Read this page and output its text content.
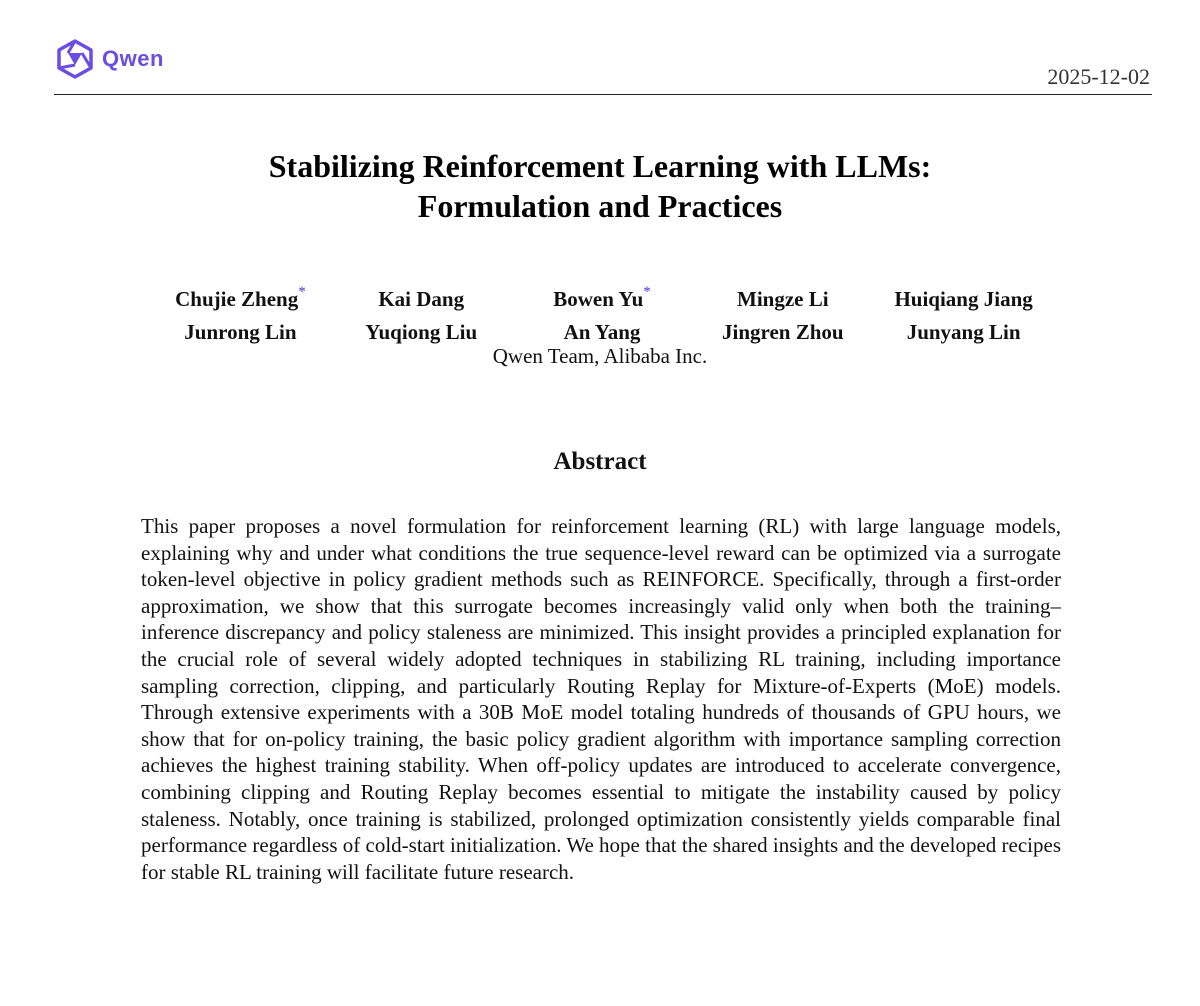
Qwen
2025-12-02
Stabilizing Reinforcement Learning with LLMs:
Formulation and Practices
Chujie Zheng*	Kai Dang	Bowen Yu*	Mingze Li	Huiqiang Jiang
Junrong Lin	Yuqiong Liu	An Yang	Jingren Zhou	Junyang Lin
Qwen Team, Alibaba Inc.
Abstract
This paper proposes a novel formulation for reinforcement learning (RL) with large language models, explaining why and under what conditions the true sequence-level reward can be optimized via a surrogate token-level objective in policy gradient methods such as REINFORCE. Specifically, through a first-order approximation, we show that this surrogate becomes increasingly valid only when both the training–inference discrepancy and policy staleness are minimized. This insight provides a principled explanation for the crucial role of several widely adopted techniques in stabilizing RL training, including importance sampling correction, clipping, and particularly Routing Replay for Mixture-of-Experts (MoE) models. Through extensive experiments with a 30B MoE model totaling hundreds of thousands of GPU hours, we show that for on-policy training, the basic policy gradient algorithm with importance sampling correction achieves the highest training stability. When off-policy updates are introduced to accelerate convergence, combining clipping and Routing Replay becomes essential to mitigate the instability caused by policy staleness. Notably, once training is stabilized, prolonged optimization consistently yields comparable final performance regardless of cold-start initialization. We hope that the shared insights and the developed recipes for stable RL training will facilitate future research.
